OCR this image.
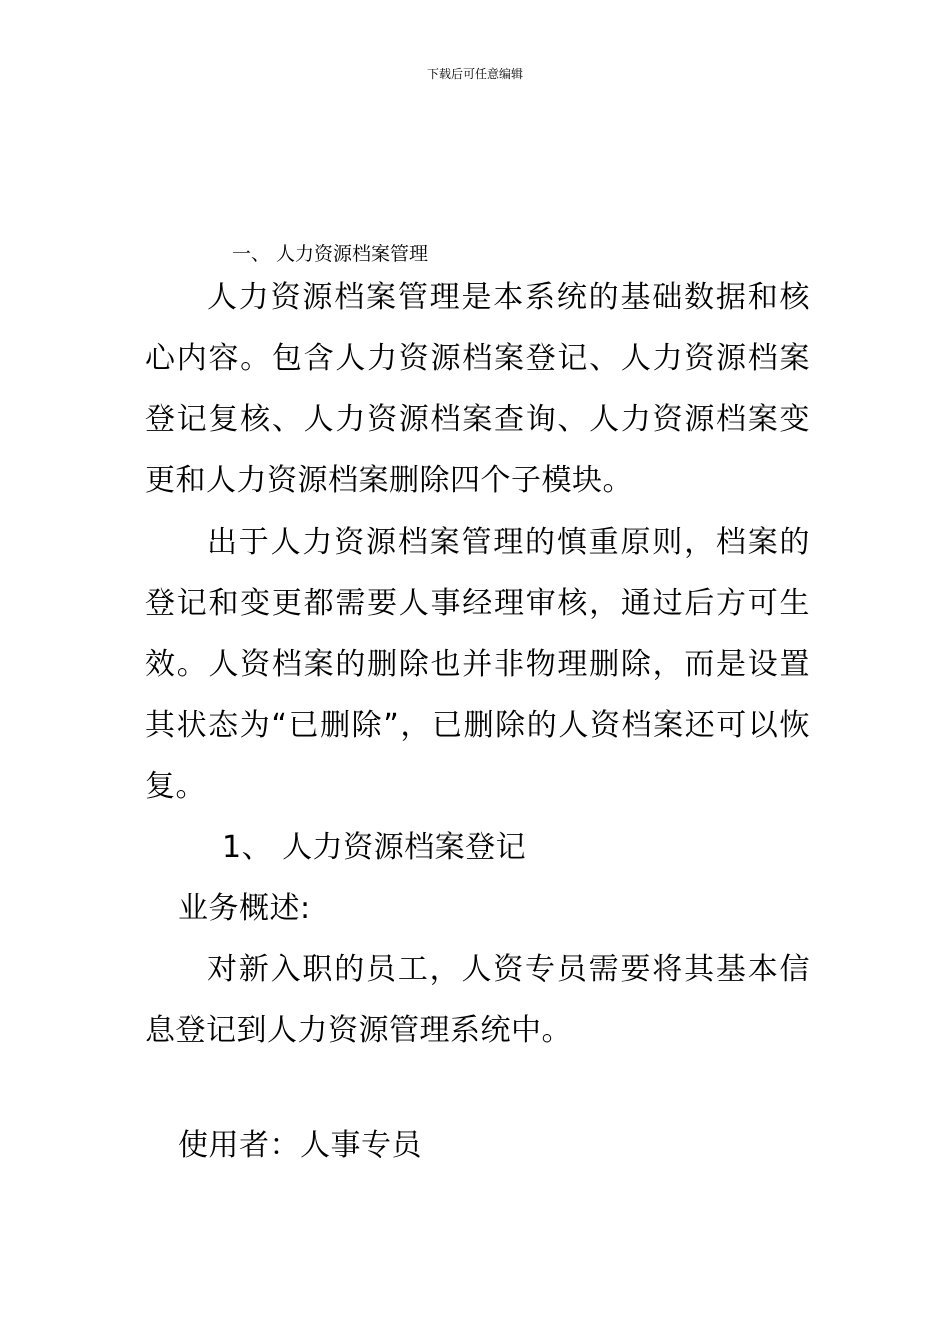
下载后可任意编辑
一、 人力资源档案管理

人力资源档案管理是本系统的基础数据和核心内容。包含人力资源档案登记、人力资源档案登记复核、人力资源档案查询、人力资源档案变更和人力资源档案删除四个子模块。

出于人力资源档案管理的慎重原则，档案的登记和变更都需要人事经理审核，通过后方可生效。人资档案的删除也并非物理删除，而是设置其状态为“已删除”，已删除的人资档案还可以恢复。

1、 人力资源档案登记
业务概述:

对新入职的员工，人资专员需要将其基本信息登记到人力资源管理系统中。

使用者：人事专员
